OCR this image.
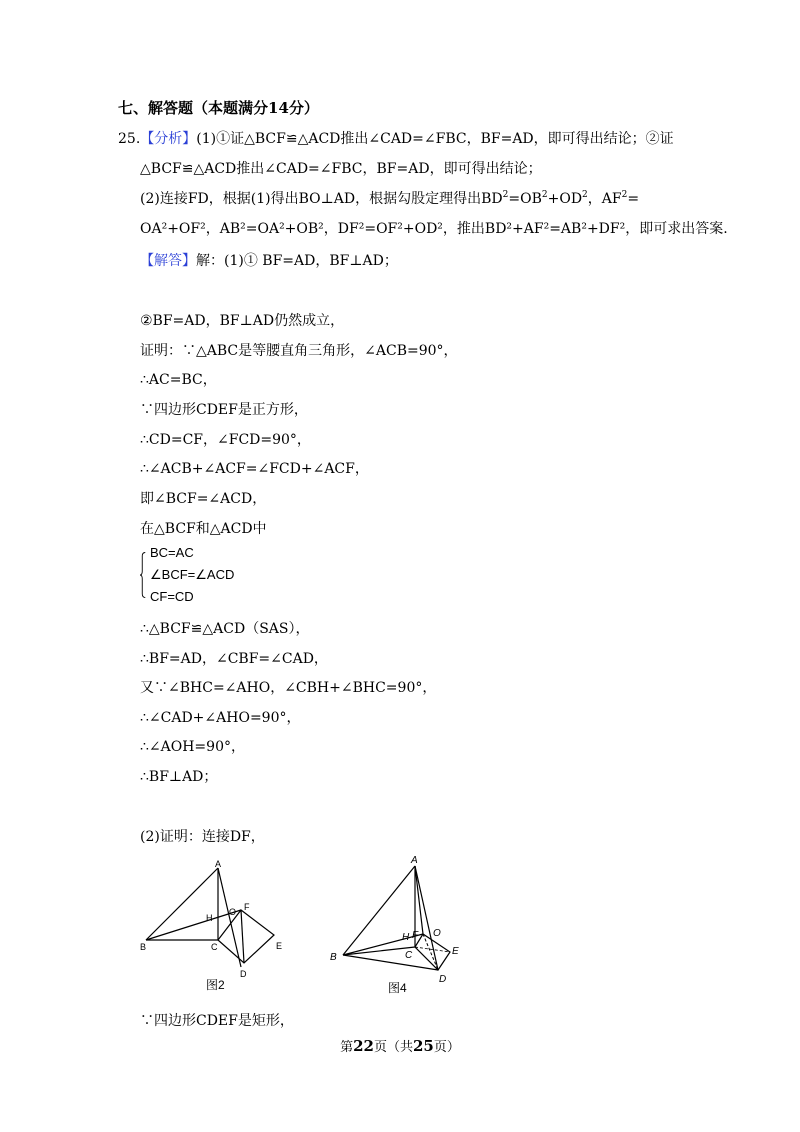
七、解答题（本题满分14分）
25.【分析】(1)①证△BCF≌△ACD推出∠CAD=∠FBC，BF=AD，即可得出结论；②证
△BCF≌△ACD推出∠CAD=∠FBC，BF=AD，即可得出结论；
(2)连接FD，根据(1)得出BO⊥AD，根据勾股定理得出$BD^2=OB^2+OD^2$，$AF^2=$
OA²+OF²，AB²=OA²+OB²，DF²=OF²+OD²，推出BD²+AF²=AB²+DF²，即可求出答案.
【解答】解：(1)① BF=AD，BF⊥AD；
②BF=AD，BF⊥AD仍然成立，
证明：∵△ABC是等腰直角三角形，∠ACB=90°，
∴AC=BC，
∵四边形CDEF是正方形，
∴CD=CF，∠FCD=90°，
∴∠ACB+∠ACF=∠FCD+∠ACF，
即∠BCF=∠ACD，
在△BCF和△ACD中
BC=AC
∠BCF=∠ACD
CF=CD
∴△BCF≌△ACD（SAS），
∴BF=AD，∠CBF=∠CAD，
又∵∠BHC=∠AHO，∠CBH+∠BHC=90°，
∴∠CAD+∠AHO=90°，
∴∠AOH=90°，
∴BF⊥AD；
(2)证明：连接DF，
A
B	C
H
O F
E
D
图2
A
B
H F O
C	E
D
图4
∵四边形CDEF是矩形，
第22页（共25页）
